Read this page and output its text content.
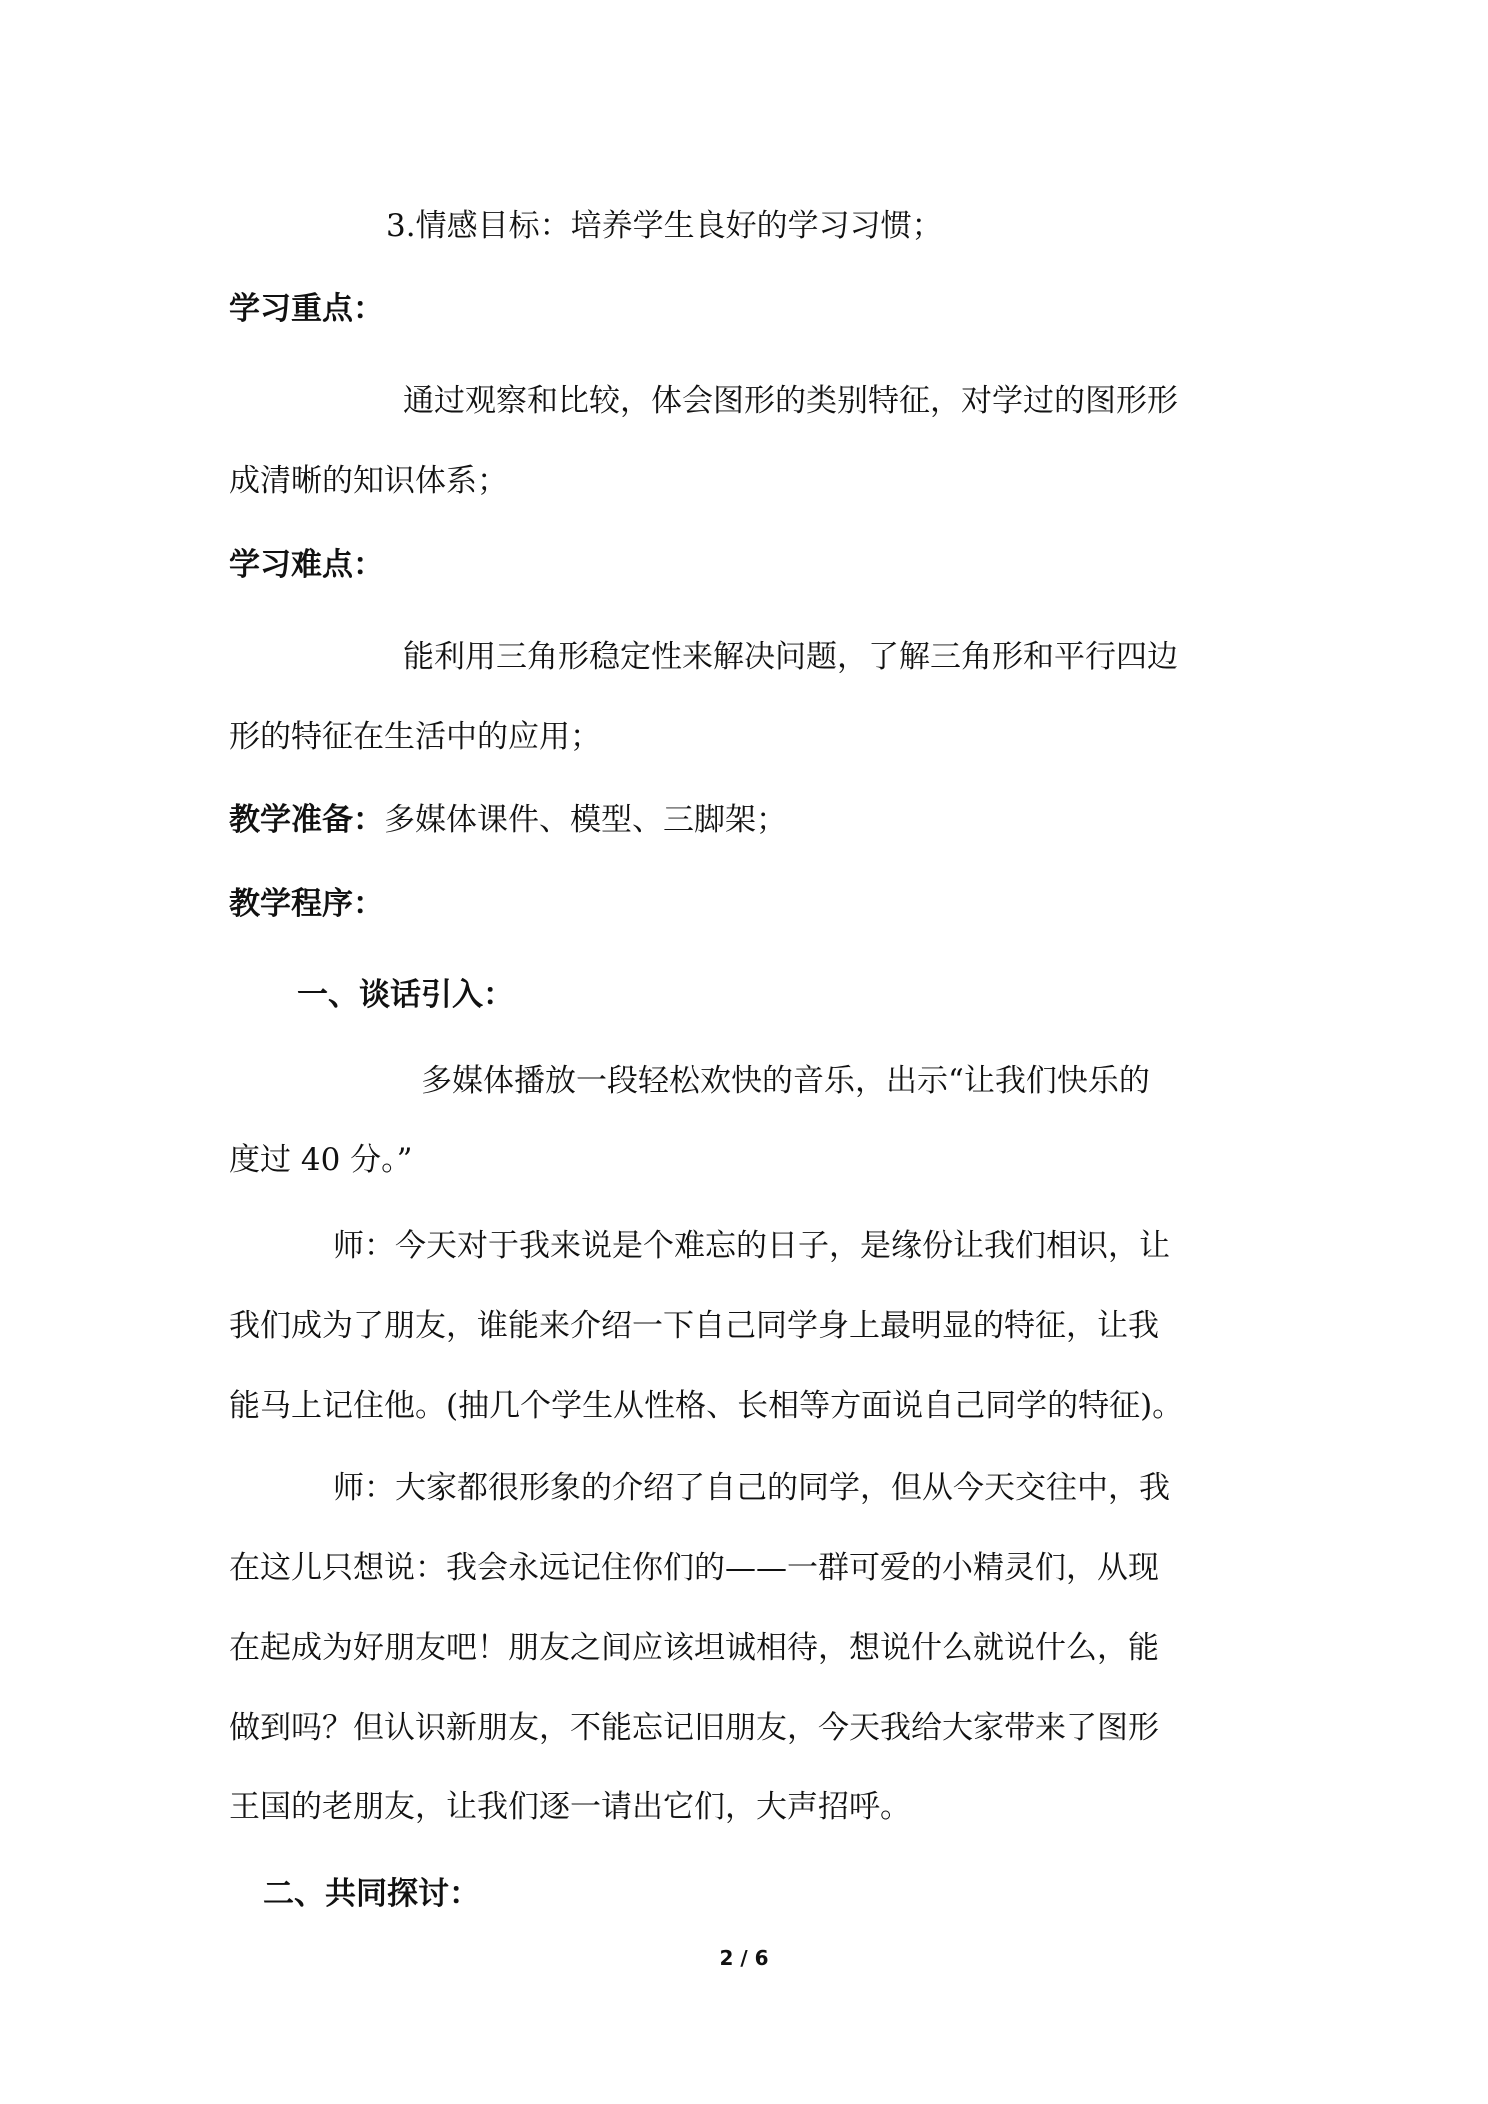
3.情感目标：培养学生良好的学习习惯；
学习重点：
通过观察和比较，体会图形的类别特征，对学过的图形形
成清晰的知识体系；
学习难点：
能利用三角形稳定性来解决问题，了解三角形和平行四边
形的特征在生活中的应用；
教学准备：多媒体课件、模型、三脚架；
教学程序：
一、谈话引入：
多媒体播放一段轻松欢快的音乐，出示“让我们快乐的
度过 40 分。”
师：今天对于我来说是个难忘的日子，是缘份让我们相识，让
我们成为了朋友，谁能来介绍一下自己同学身上最明显的特征，让我
能马上记住他。(抽几个学生从性格、长相等方面说自己同学的特征)。
师：大家都很形象的介绍了自己的同学，但从今天交往中，我
在这儿只想说：我会永远记住你们的——一群可爱的小精灵们，从现
在起成为好朋友吧！朋友之间应该坦诚相待，想说什么就说什么，能
做到吗？但认识新朋友，不能忘记旧朋友，今天我给大家带来了图形
王国的老朋友，让我们逐一请出它们，大声招呼。
二、共同探讨：
2 / 6
